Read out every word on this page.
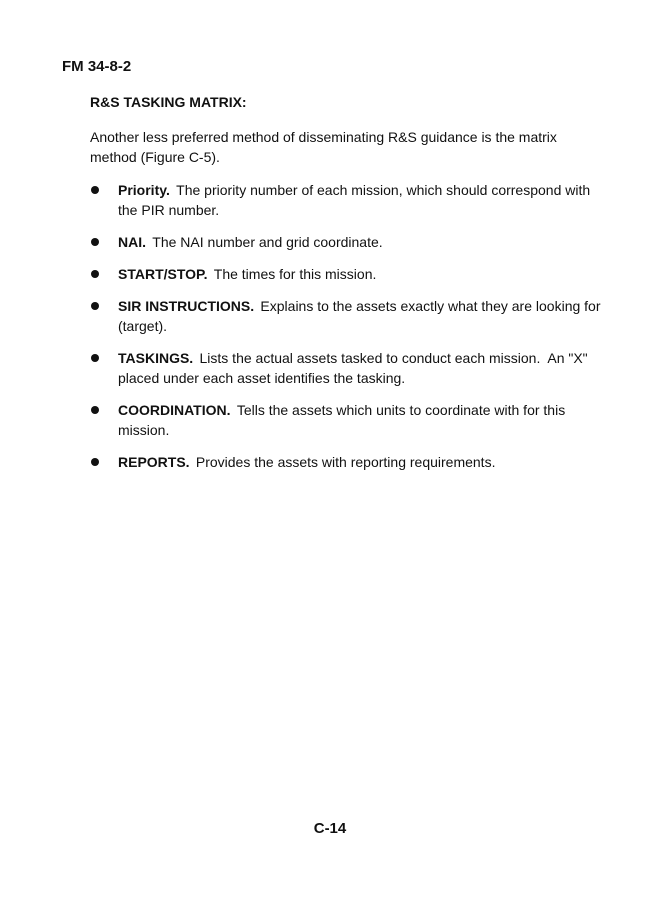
FM 34-8-2
R&S TASKING MATRIX:

Another less preferred method of disseminating R&S guidance is the matrix method (Figure C-5).

Priority. The priority number of each mission, which should correspond with the PIR number.
NAI. The NAI number and grid coordinate.
START/STOP. The times for this mission.
SIR INSTRUCTIONS. Explains to the assets exactly what they are looking for (target).
TASKINGS. Lists the actual assets tasked to conduct each mission.  An "X" placed under each asset identifies the tasking.
COORDINATION. Tells the assets which units to coordinate with for this mission.
REPORTS. Provides the assets with reporting requirements.
C-14
